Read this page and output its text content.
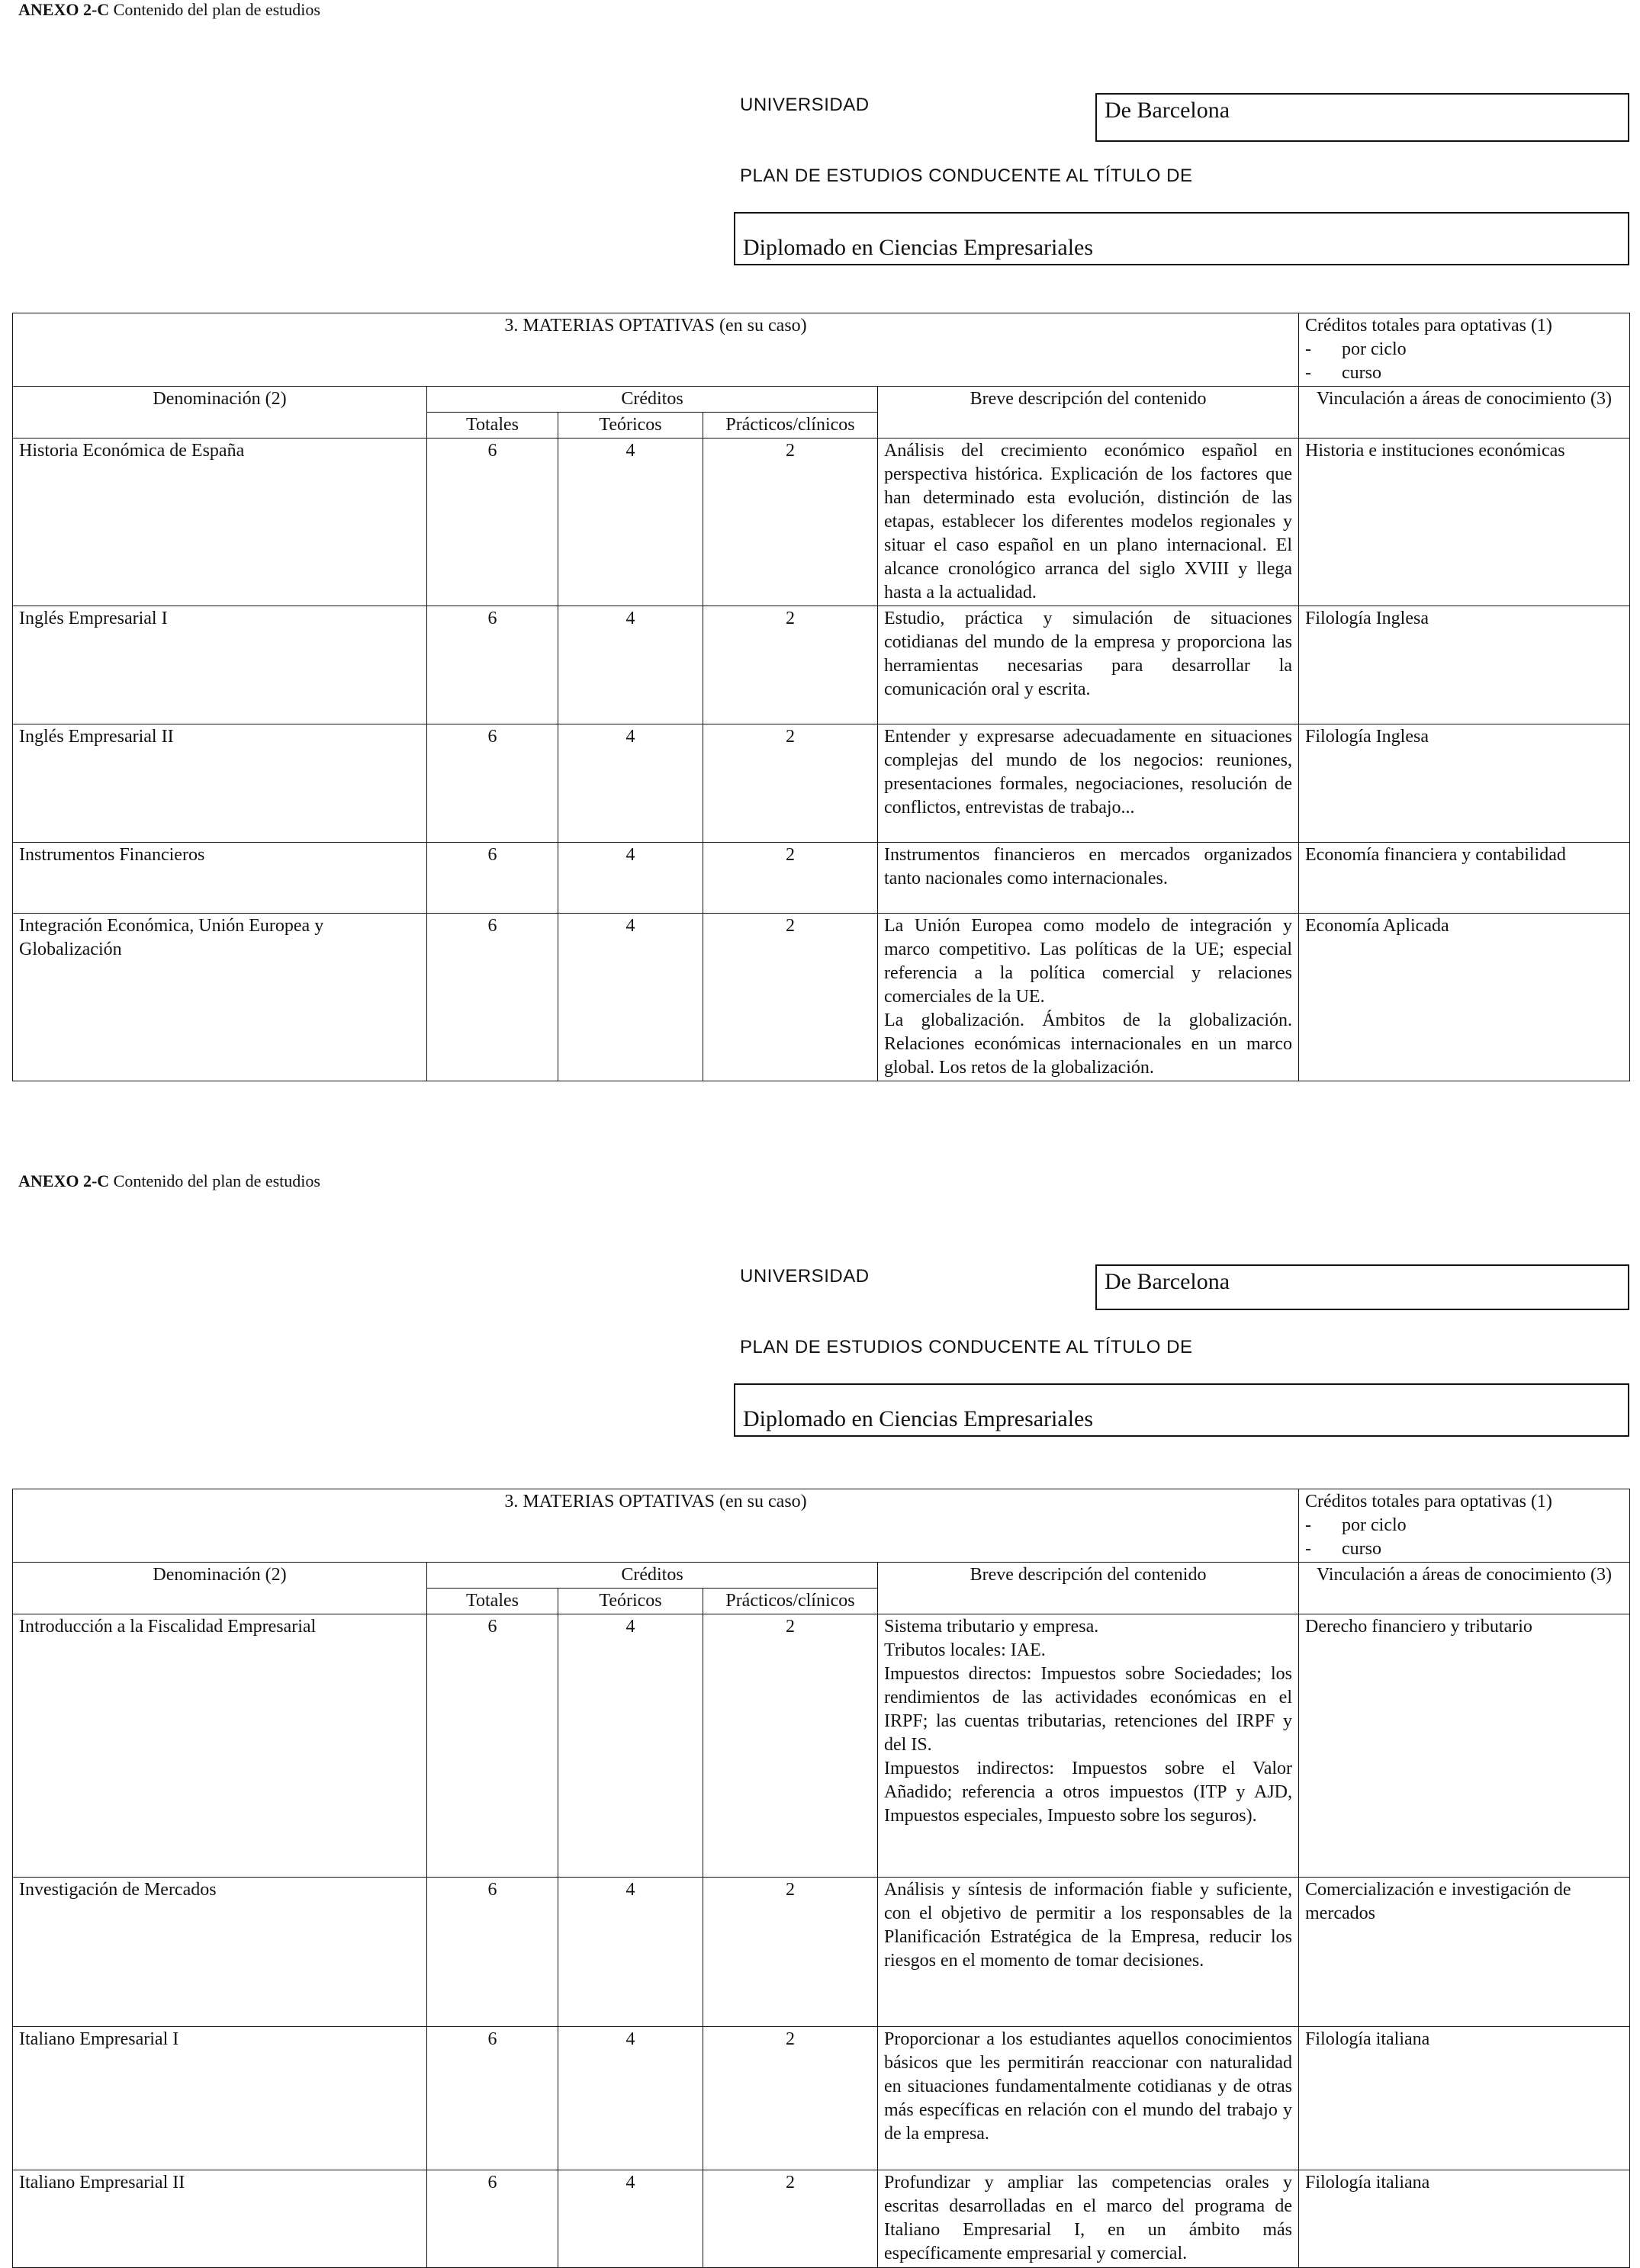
ANEXO 2-C Contenido del plan de estudios
UNIVERSIDAD	De Barcelona
PLAN DE ESTUDIOS CONDUCENTE AL TÍTULO DE
Diplomado en Ciencias Empresariales
3. MATERIAS OPTATIVAS (en su caso)					Créditos totales para optativas (1)
- por ciclo
- curso

Denominación (2)	Créditos			Breve descripción del contenido	Vinculación a áreas de conocimiento (3)
	Totales	Teóricos	Prácticos/clínicos		
Historia Económica de España	6	4	2	Análisis del crecimiento económico español en perspectiva histórica. Explicación de los factores que han determinado esta evolución, distinción de las etapas, establecer los diferentes modelos regionales y situar el caso español en un plano internacional. El alcance cronológico arranca del siglo XVIII y llega hasta a la actualidad.	Historia e instituciones económicas
Inglés Empresarial I	6	4	2	Estudio, práctica y simulación de situaciones cotidianas del mundo de la empresa y proporciona las herramientas necesarias para desarrollar la comunicación oral y escrita.	Filología Inglesa
Inglés Empresarial II	6	4	2	Entender y expresarse adecuadamente en situaciones complejas del mundo de los negocios: reuniones, presentaciones formales, negociaciones, resolución de conflictos, entrevistas de trabajo...	Filología Inglesa
Instrumentos Financieros	6	4	2	Instrumentos financieros en mercados organizados tanto nacionales como internacionales.	Economía financiera y contabilidad
Integración Económica, Unión Europea y Globalización	6	4	2	La Unión Europea como modelo de integración y marco competitivo. Las políticas de la UE; especial referencia a la política comercial y relaciones comerciales de la UE.
La globalización. Ámbitos de la globalización. Relaciones económicas internacionales en un marco global. Los retos de la globalización.	Economía Aplicada
ANEXO 2-C Contenido del plan de estudios
UNIVERSIDAD	De Barcelona
PLAN DE ESTUDIOS CONDUCENTE AL TÍTULO DE
Diplomado en Ciencias Empresariales
3. MATERIAS OPTATIVAS (en su caso)					Créditos totales para optativas (1)
- por ciclo
- curso

Denominación (2)	Créditos			Breve descripción del contenido	Vinculación a áreas de conocimiento (3)
	Totales	Teóricos	Prácticos/clínicos		
Introducción a la Fiscalidad Empresarial	6	4	2	Sistema tributario y empresa.
Tributos locales: IAE.
Impuestos directos: Impuestos sobre Sociedades; los rendimientos de las actividades económicas en el IRPF; las cuentas tributarias, retenciones del IRPF y del IS.
Impuestos indirectos: Impuestos sobre el Valor Añadido; referencia a otros impuestos (ITP y AJD, Impuestos especiales, Impuesto sobre los seguros).	Derecho financiero y tributario
Investigación de Mercados	6	4	2	Análisis y síntesis de información fiable y suficiente, con el objetivo de permitir a los responsables de la Planificación Estratégica de la Empresa, reducir los riesgos en el momento de tomar decisiones.	Comercialización e investigación de mercados
Italiano Empresarial I	6	4	2	Proporcionar a los estudiantes aquellos conocimientos básicos que les permitirán reaccionar con naturalidad en situaciones fundamentalmente cotidianas y de otras más específicas en relación con el mundo del trabajo y de la empresa.	Filología italiana
Italiano Empresarial II	6	4	2	Profundizar y ampliar las competencias orales y escritas desarrolladas en el marco del programa de Italiano Empresarial I, en un ámbito más específicamente empresarial y comercial.	Filología italiana
